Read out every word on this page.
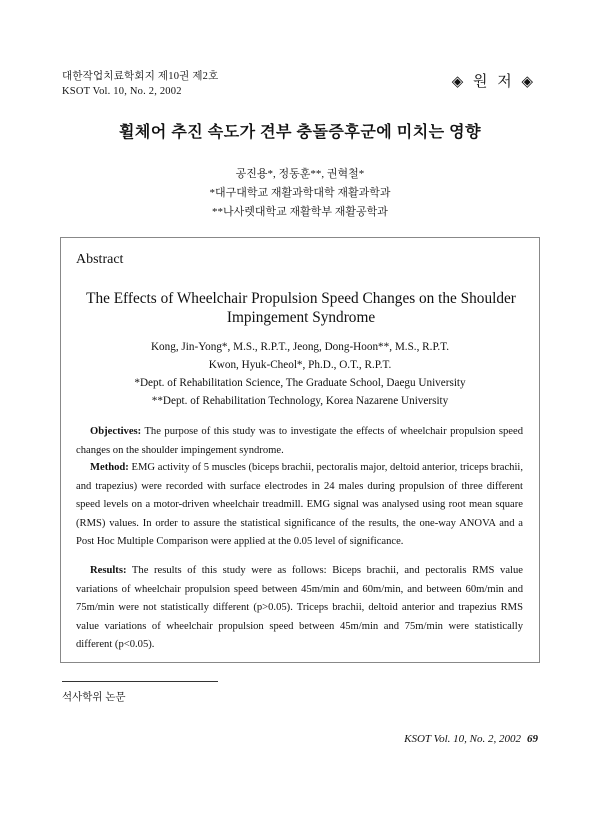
대한작업치료학회지 제10권 제2호
KSOT Vol. 10, No. 2, 2002
◈ 원 저 ◈
휠체어 추진 속도가 견부 충돌증후군에 미치는 영향
공진용*, 정동훈**, 권혁철*
*대구대학교 재활과학대학 재활과학과
**나사렛대학교 재활학부 재활공학과
Abstract
The Effects of Wheelchair Propulsion Speed Changes on the Shoulder Impingement Syndrome
Kong, Jin-Yong*, M.S., R.P.T., Jeong, Dong-Hoon**, M.S., R.P.T.
Kwon, Hyuk-Cheol*, Ph.D., O.T., R.P.T.
*Dept. of Rehabilitation Science, The Graduate School, Daegu University
**Dept. of Rehabilitation Technology, Korea Nazarene University

Objectives: The purpose of this study was to investigate the effects of wheelchair propulsion speed changes on the shoulder impingement syndrome.

Method: EMG activity of 5 muscles (biceps brachii, pectoralis major, deltoid anterior, triceps brachii, and trapezius) were recorded with surface electrodes in 24 males during propulsion of three different speed levels on a motor-driven wheelchair treadmill. EMG signal was analysed using root mean square (RMS) values. In order to assure the statistical significance of the results, the one-way ANOVA and a Post Hoc Multiple Comparison were applied at the 0.05 level of significance.

Results: The results of this study were as follows: Biceps brachii, and pectoralis RMS value variations of wheelchair propulsion speed between 45m/min and 60m/min, and between 60m/min and 75m/min were not statistically different (p>0.05). Triceps brachii, deltoid anterior and trapezius RMS value variations of wheelchair propulsion speed between 45m/min and 75m/min were statistically different (p<0.05).

석사학위 논문
KSOT Vol. 10, No. 2, 2002 69
